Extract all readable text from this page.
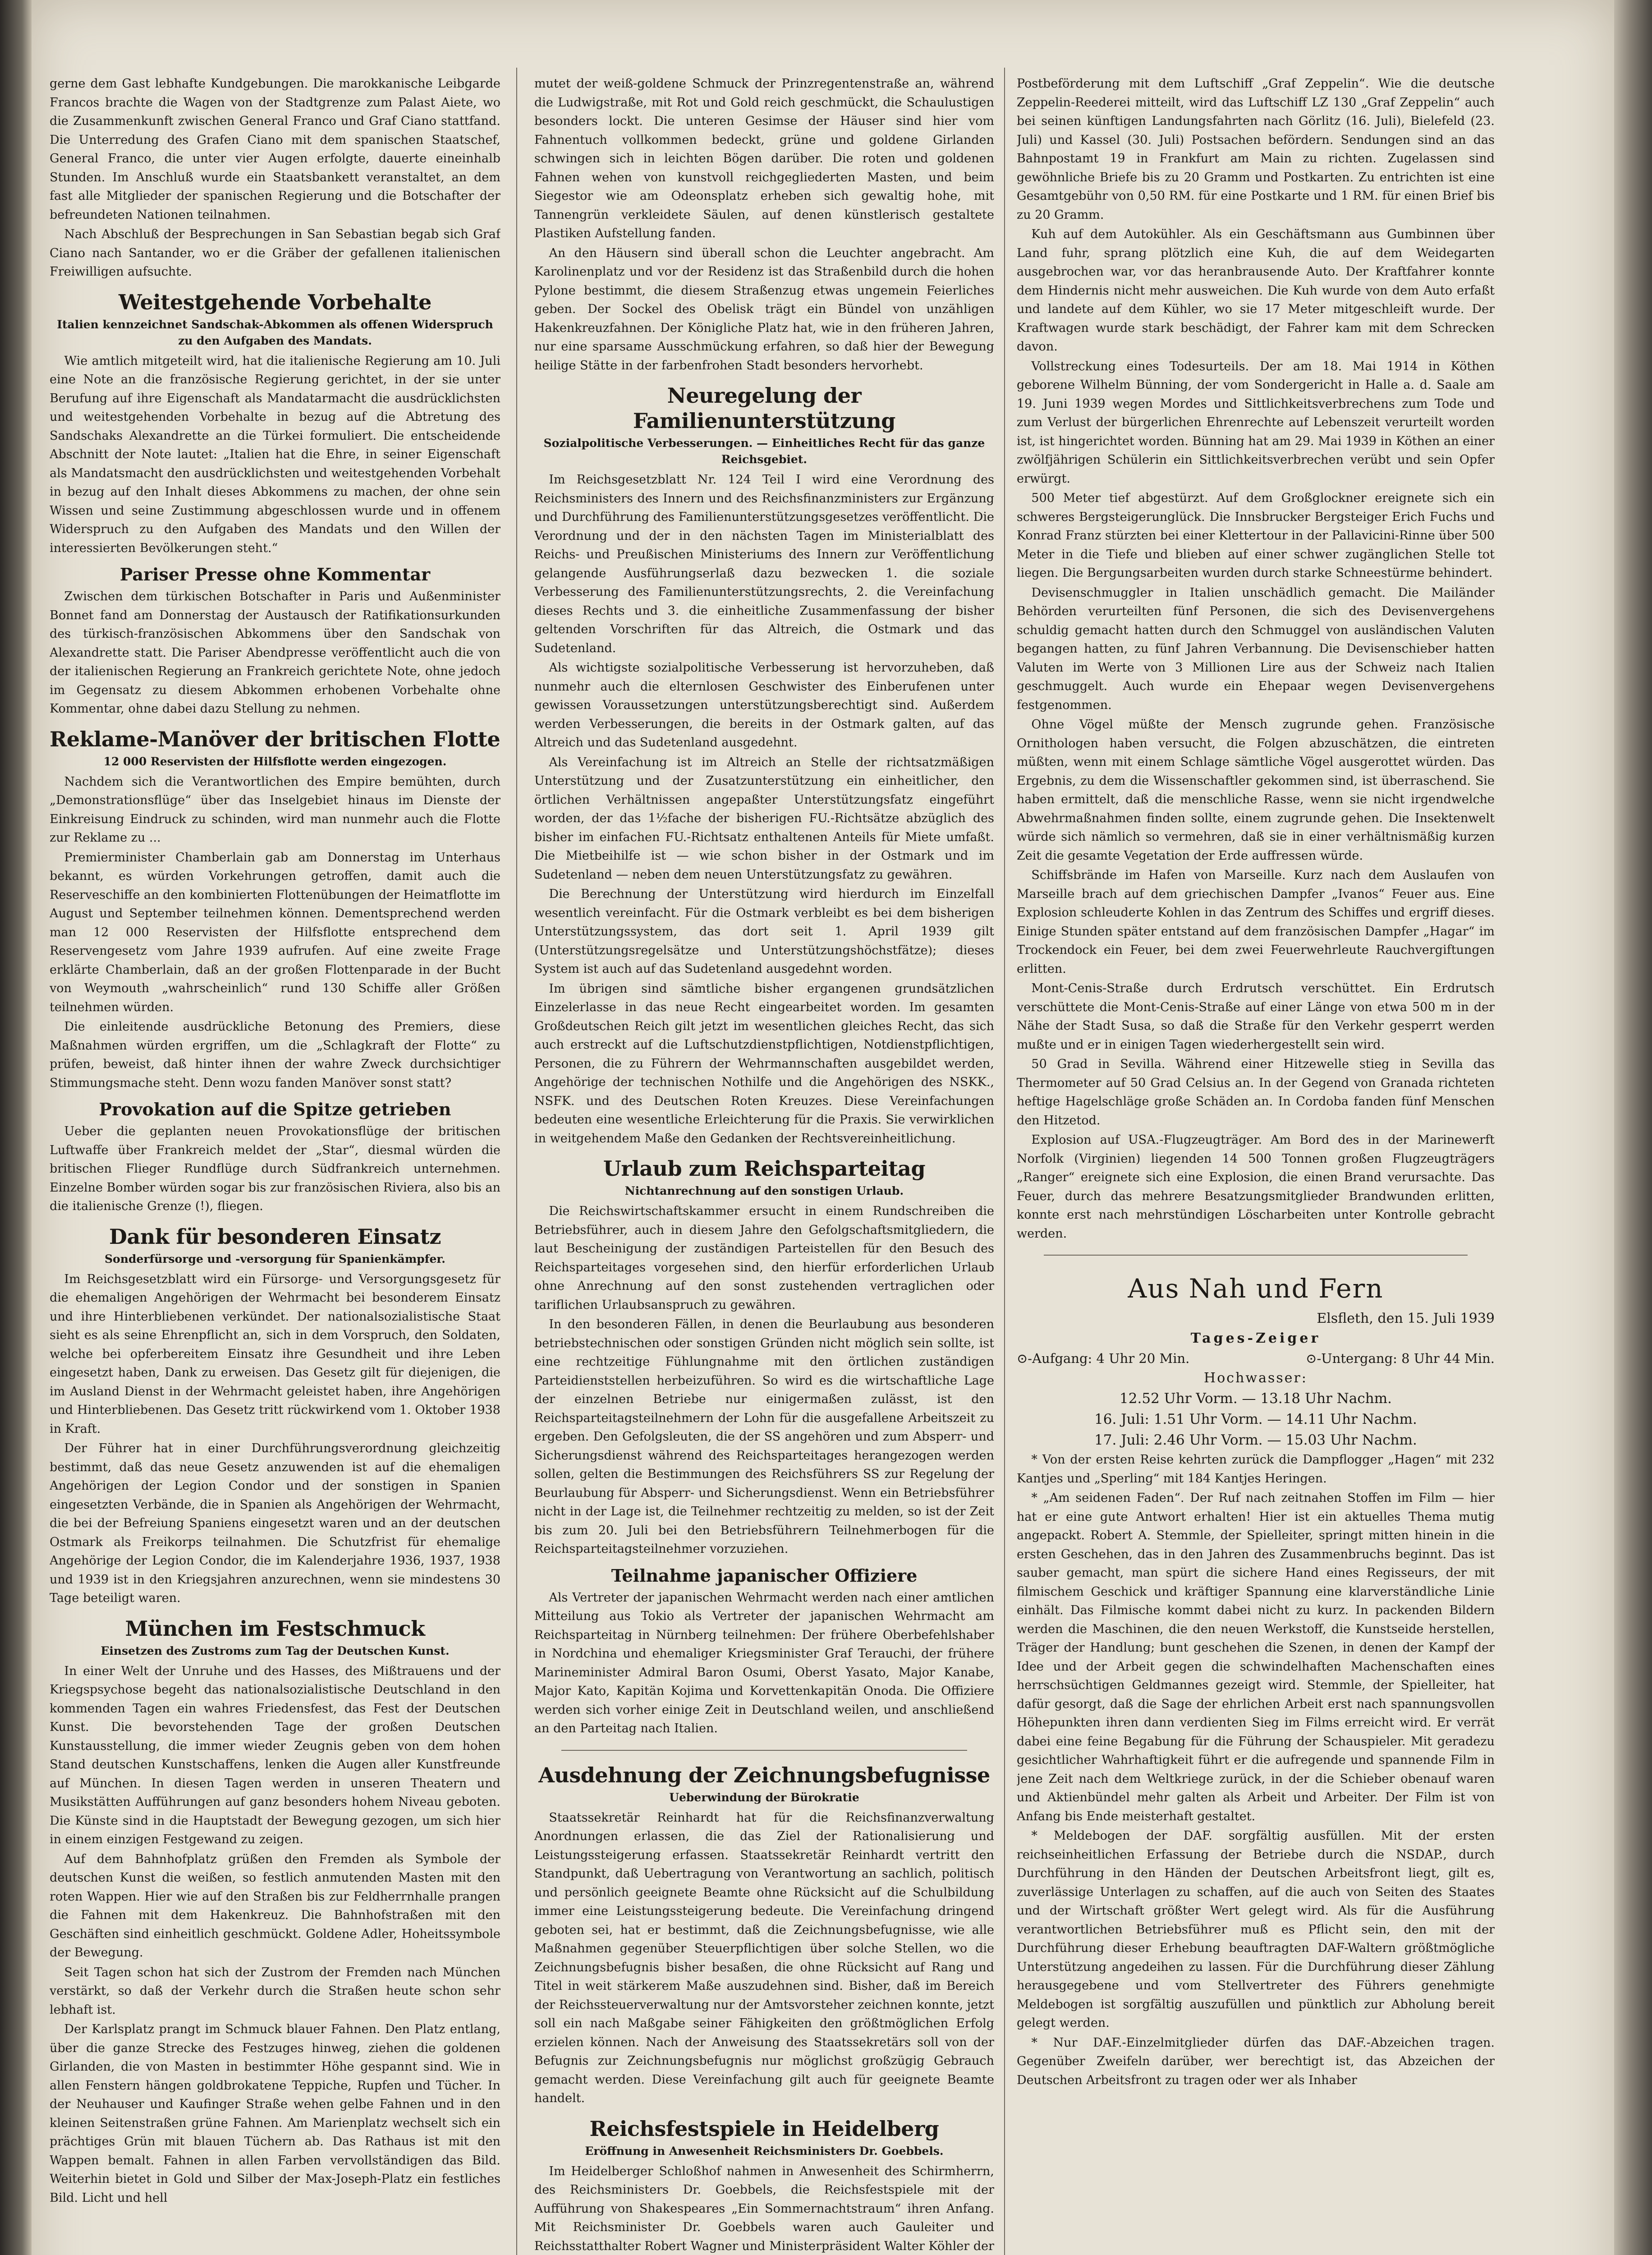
gerne dem Gast lebhafte Kundgebungen. Die marokkanische Leibgarde Francos brachte die Wagen von der Stadtgrenze zum Palast Aiete, wo die Zusammenkunft zwischen General Franco und Graf Ciano stattfand. Die Unterredung des Grafen Ciano mit dem spanischen Staatschef, General Franco, die unter vier Augen erfolgte, dauerte eineinhalb Stunden. Im Anschluß wurde ein Staatsbankett veranstaltet, an dem fast alle Mitglieder der spanischen Regierung und die Botschafter der befreundeten Nationen teilnahmen.

Nach Abschluß der Besprechungen in San Sebastian begab sich Graf Ciano nach Santander, wo er die Gräber der gefallenen italienischen Freiwilligen aufsuchte.

Weitestgehende Vorbehalte
Italien kennzeichnet Sandschak-Abkommen als offenen Widerspruch zu den Aufgaben des Mandats.

Wie amtlich mitgeteilt wird, hat die italienische Regierung am 10. Juli eine Note an die französische Regierung gerichtet, in der sie unter Berufung auf ihre Eigenschaft als Mandatarmacht die ausdrücklichsten und weitestgehenden Vorbehalte in bezug auf die Abtretung des Sandschaks Alexandrette an die Türkei formuliert. Die entscheidende Abschnitt der Note lautet: „Italien hat die Ehre, in seiner Eigenschaft als Mandatsmacht den ausdrücklichsten und weitestgehenden Vorbehalt in bezug auf den Inhalt dieses Abkommens zu machen, der ohne sein Wissen und seine Zustimmung abgeschlossen wurde und in offenem Widerspruch zu den Aufgaben des Mandats und den Willen der interessierten Bevölkerungen steht.“

Pariser Presse ohne Kommentar

Zwischen dem türkischen Botschafter in Paris und Außenminister Bonnet fand am Donnerstag der Austausch der Ratifikationsurkunden des türkisch-französischen Abkommens über den Sandschak von Alexandrette statt. Die Pariser Abendpresse veröffentlicht auch die von der italienischen Regierung an Frankreich gerichtete Note, ohne jedoch im Gegensatz zu diesem Abkommen erhobenen Vorbehalte ohne Kommentar, ohne dabei dazu Stellung zu nehmen.

Reklame-Manöver der britischen Flotte
12 000 Reservisten der Hilfsflotte werden eingezogen.

Nachdem sich die Verantwortlichen des Empire bemühten, durch „Demonstrationsflüge“ über das Inselgebiet hinaus im Dienste der Einkreisung Eindruck zu schinden, wird man nunmehr auch die Flotte zur Reklame zu ...

Premierminister Chamberlain gab am Donnerstag im Unterhaus bekannt, es würden Vorkehrungen getroffen, damit auch die Reserveschiffe an den kombinierten Flottenübungen der Heimatflotte im August und September teilnehmen können. Dementsprechend werden man 12 000 Reservisten der Hilfsflotte entsprechend dem Reservengesetz vom Jahre 1939 aufrufen. Auf eine zweite Frage erklärte Chamberlain, daß an der großen Flottenparade in der Bucht von Weymouth „wahrscheinlich“ rund 130 Schiffe aller Größen teilnehmen würden.

Die einleitende ausdrückliche Betonung des Premiers, diese Maßnahmen würden ergriffen, um die „Schlagkraft der Flotte“ zu prüfen, beweist, daß hinter ihnen der wahre Zweck durchsichtiger Stimmungsmache steht. Denn wozu fanden Manöver sonst statt?

Provokation auf die Spitze getrieben

Ueber die geplanten neuen Provokationsflüge der britischen Luftwaffe über Frankreich meldet der „Star“, diesmal würden die britischen Flieger Rundflüge durch Südfrankreich unternehmen. Einzelne Bomber würden sogar bis zur französischen Riviera, also bis an die italienische Grenze (!), fliegen.

Dank für besonderen Einsatz
Sonderfürsorge und -versorgung für Spanienkämpfer.

Im Reichsgesetzblatt wird ein Fürsorge- und Versorgungsgesetz für die ehemaligen Angehörigen der Wehrmacht bei besonderem Einsatz und ihre Hinterbliebenen verkündet. Der nationalsozialistische Staat sieht es als seine Ehrenpflicht an, sich in dem Vorspruch, den Soldaten, welche bei opferbereitem Einsatz ihre Gesundheit und ihre Leben eingesetzt haben, Dank zu erweisen. Das Gesetz gilt für diejenigen, die im Ausland Dienst in der Wehrmacht geleistet haben, ihre Angehörigen und Hinterbliebenen. Das Gesetz tritt rückwirkend vom 1. Oktober 1938 in Kraft.

Der Führer hat in einer Durchführungsverordnung gleichzeitig bestimmt, daß das neue Gesetz anzuwenden ist auf die ehemaligen Angehörigen der Legion Condor und der sonstigen in Spanien eingesetzten Verbände, die in Spanien als Angehörigen der Wehrmacht, die bei der Befreiung Spaniens eingesetzt waren und an der deutschen Ostmark als Freikorps teilnahmen. Die Schutzfrist für ehemalige Angehörige der Legion Condor, die im Kalenderjahre 1936, 1937, 1938 und 1939 ist in den Kriegsjahren anzurechnen, wenn sie mindestens 30 Tage beteiligt waren.

München im Festschmuck
Einsetzen des Zustroms zum Tag der Deutschen Kunst.

In einer Welt der Unruhe und des Hasses, des Mißtrauens und der Kriegspsychose begeht das nationalsozialistische Deutschland in den kommenden Tagen ein wahres Friedensfest, das Fest der Deutschen Kunst. Die bevorstehenden Tage der großen Deutschen Kunstausstellung, die immer wieder Zeugnis geben von dem hohen Stand deutschen Kunstschaffens, lenken die Augen aller Kunstfreunde auf München. In diesen Tagen werden in unseren Theatern und Musikstätten Aufführungen auf ganz besonders hohem Niveau geboten. Die Künste sind in die Hauptstadt der Bewegung gezogen, um sich hier in einem einzigen Festgewand zu zeigen.

Auf dem Bahnhofplatz grüßen den Fremden als Symbole der deutschen Kunst die weißen, so festlich anmutenden Masten mit den roten Wappen. Hier wie auf den Straßen bis zur Feldherrnhalle prangen die Fahnen mit dem Hakenkreuz. Die Bahnhofstraßen mit den Geschäften sind einheitlich geschmückt. Goldene Adler, Hoheitssymbole der Bewegung.

Seit Tagen schon hat sich der Zustrom der Fremden nach München verstärkt, so daß der Verkehr durch die Straßen heute schon sehr lebhaft ist.

Der Karlsplatz prangt im Schmuck blauer Fahnen. Den Platz entlang, über die ganze Strecke des Festzuges hinweg, ziehen die goldenen Girlanden, die von Masten in bestimmter Höhe gespannt sind. Wie in allen Fenstern hängen goldbrokatene Teppiche, Rupfen und Tücher. In der Neuhauser und Kaufinger Straße wehen gelbe Fahnen und in den kleinen Seitenstraßen grüne Fahnen. Am Marienplatz wechselt sich ein prächtiges Grün mit blauen Tüchern ab. Das Rathaus ist mit den Wappen bemalt. Fahnen in allen Farben vervollständigen das Bild. Weiterhin bietet in Gold und Silber der Max-Joseph-Platz ein festliches Bild. Licht und hell

mutet der weiß-goldene Schmuck der Prinzregentenstraße an, während die Ludwigstraße, mit Rot und Gold reich geschmückt, die Schaulustigen besonders lockt. Die unteren Gesimse der Häuser sind hier vom Fahnentuch vollkommen bedeckt, grüne und goldene Girlanden schwingen sich in leichten Bögen darüber. Die roten und goldenen Fahnen wehen von kunstvoll reichgegliederten Masten, und beim Siegestor wie am Odeonsplatz erheben sich gewaltig hohe, mit Tannengrün verkleidete Säulen, auf denen künstlerisch gestaltete Plastiken Aufstellung fanden.

An den Häusern sind überall schon die Leuchter angebracht. Am Karolinenplatz und vor der Residenz ist das Straßenbild durch die hohen Pylone bestimmt, die diesem Straßenzug etwas ungemein Feierliches geben. Der Sockel des Obelisk trägt ein Bündel von unzähligen Hakenkreuzfahnen. Der Königliche Platz hat, wie in den früheren Jahren, nur eine sparsame Ausschmückung erfahren, so daß hier der Bewegung heilige Stätte in der farbenfrohen Stadt besonders hervorhebt.

Neuregelung der Familienunterstützung
Sozialpolitische Verbesserungen. — Einheitliches Recht für das ganze Reichsgebiet.

Im Reichsgesetzblatt Nr. 124 Teil I wird eine Verordnung des Reichsministers des Innern und des Reichsfinanzministers zur Ergänzung und Durchführung des Familienunterstützungsgesetzes veröffentlicht. Die Verordnung und der in den nächsten Tagen im Ministerialblatt des Reichs- und Preußischen Ministeriums des Innern zur Veröffentlichung gelangende Ausführungserlaß dazu bezwecken 1. die soziale Verbesserung des Familienunterstützungsrechts, 2. die Vereinfachung dieses Rechts und 3. die einheitliche Zusammenfassung der bisher geltenden Vorschriften für das Altreich, die Ostmark und das Sudetenland.

Als wichtigste sozialpolitische Verbesserung ist hervorzuheben, daß nunmehr auch die elternlosen Geschwister des Einberufenen unter gewissen Voraussetzungen unterstützungsberechtigt sind. Außerdem werden Verbesserungen, die bereits in der Ostmark galten, auf das Altreich und das Sudetenland ausgedehnt.

Als Vereinfachung ist im Altreich an Stelle der richtsatzmäßigen Unterstützung und der Zusatzunterstützung ein einheitlicher, den örtlichen Verhältnissen angepaßter Unterstützungsfatz eingeführt worden, der das 1½fache der bisherigen FU.-Richtsätze abzüglich des bisher im einfachen FU.-Richtsatz enthaltenen Anteils für Miete umfaßt. Die Mietbeihilfe ist — wie schon bisher in der Ostmark und im Sudetenland — neben dem neuen Unterstützungsfatz zu gewähren.

Die Berechnung der Unterstützung wird hierdurch im Einzelfall wesentlich vereinfacht. Für die Ostmark verbleibt es bei dem bisherigen Unterstützungssystem, das dort seit 1. April 1939 gilt (Unterstützungsregelsätze und Unterstützungshöchstfätze); dieses System ist auch auf das Sudetenland ausgedehnt worden.

Im übrigen sind sämtliche bisher ergangenen grundsätzlichen Einzelerlasse in das neue Recht eingearbeitet worden. Im gesamten Großdeutschen Reich gilt jetzt im wesentlichen gleiches Recht, das sich auch erstreckt auf die Luftschutzdienstpflichtigen, Notdienstpflichtigen, Personen, die zu Führern der Wehrmannschaften ausgebildet werden, Angehörige der technischen Nothilfe und die Angehörigen des NSKK., NSFK. und des Deutschen Roten Kreuzes. Diese Vereinfachungen bedeuten eine wesentliche Erleichterung für die Praxis. Sie verwirklichen in weitgehendem Maße den Gedanken der Rechtsvereinheitlichung.

Urlaub zum Reichsparteitag
Nichtanrechnung auf den sonstigen Urlaub.

Die Reichswirtschaftskammer ersucht in einem Rundschreiben die Betriebsführer, auch in diesem Jahre den Gefolgschaftsmitgliedern, die laut Bescheinigung der zuständigen Parteistellen für den Besuch des Reichsparteitages vorgesehen sind, den hierfür erforderlichen Urlaub ohne Anrechnung auf den sonst zustehenden vertraglichen oder tariflichen Urlaubsanspruch zu gewähren.

In den besonderen Fällen, in denen die Beurlaubung aus besonderen betriebstechnischen oder sonstigen Gründen nicht möglich sein sollte, ist eine rechtzeitige Fühlungnahme mit den örtlichen zuständigen Parteidienststellen herbeizuführen. So wird es die wirtschaftliche Lage der einzelnen Betriebe nur einigermaßen zulässt, ist den Reichsparteitagsteilnehmern der Lohn für die ausgefallene Arbeitszeit zu ergeben. Den Gefolgsleuten, die der SS angehören und zum Absperr- und Sicherungsdienst während des Reichsparteitages herangezogen werden sollen, gelten die Bestimmungen des Reichsführers SS zur Regelung der Beurlaubung für Absperr- und Sicherungsdienst. Wenn ein Betriebsführer nicht in der Lage ist, die Teilnehmer rechtzeitig zu melden, so ist der Zeit bis zum 20. Juli bei den Betriebsführern Teilnehmerbogen für die Reichsparteitagsteilnehmer vorzuziehen.

Teilnahme japanischer Offiziere

Als Vertreter der japanischen Wehrmacht werden nach einer amtlichen Mitteilung aus Tokio als Vertreter der japanischen Wehrmacht am Reichsparteitag in Nürnberg teilnehmen: Der frühere Oberbefehlshaber in Nordchina und ehemaliger Kriegsminister Graf Terauchi, der frühere Marineminister Admiral Baron Osumi, Oberst Yasato, Major Kanabe, Major Kato, Kapitän Kojima und Korvettenkapitän Onoda. Die Offiziere werden sich vorher einige Zeit in Deutschland weilen, und anschließend an den Parteitag nach Italien.

Ausdehnung der Zeichnungsbefugnisse
Ueberwindung der Bürokratie

Staatssekretär Reinhardt hat für die Reichsfinanzverwaltung Anordnungen erlassen, die das Ziel der Rationalisierung und Leistungssteigerung erfassen. Staatssekretär Reinhardt vertritt den Standpunkt, daß Uebertragung von Verantwortung an sachlich, politisch und persönlich geeignete Beamte ohne Rücksicht auf die Schulbildung immer eine Leistungssteigerung bedeute. Die Vereinfachung dringend geboten sei, hat er bestimmt, daß die Zeichnungsbefugnisse, wie alle Maßnahmen gegenüber Steuerpflichtigen über solche Stellen, wo die Zeichnungsbefugnis bisher besaßen, die ohne Rücksicht auf Rang und Titel in weit stärkerem Maße auszudehnen sind. Bisher, daß im Bereich der Reichssteuerverwaltung nur der Amtsvorsteher zeichnen konnte, jetzt soll ein nach Maßgabe seiner Fähigkeiten den größtmöglichen Erfolg erzielen können. Nach der Anweisung des Staatssekretärs soll von der Befugnis zur Zeichnungsbefugnis nur möglichst großzügig Gebrauch gemacht werden. Diese Vereinfachung gilt auch für geeignete Beamte handelt.

Reichsfestspiele in Heidelberg
Eröffnung in Anwesenheit Reichsministers Dr. Goebbels.

Im Heidelberger Schloßhof nahmen in Anwesenheit des Schirmherrn, des Reichsministers Dr. Goebbels, die Reichsfestspiele mit der Aufführung von Shakespeares „Ein Sommernachtstraum“ ihren Anfang. Mit Reichsminister Dr. Goebbels waren auch Gauleiter und Reichsstatthalter Robert Wagner und Ministerpräsident Walter Köhler der

Postbeförderung mit dem Luftschiff „Graf Zeppelin“. Wie die deutsche Zeppelin-Reederei mitteilt, wird das Luftschiff LZ 130 „Graf Zeppelin“ auch bei seinen künftigen Landungsfahrten nach Görlitz (16. Juli), Bielefeld (23. Juli) und Kassel (30. Juli) Postsachen befördern. Sendungen sind an das Bahnpostamt 19 in Frankfurt am Main zu richten. Zugelassen sind gewöhnliche Briefe bis zu 20 Gramm und Postkarten. Zu entrichten ist eine Gesamtgebühr von 0,50 RM. für eine Postkarte und 1 RM. für einen Brief bis zu 20 Gramm.

Kuh auf dem Autokühler. Als ein Geschäftsmann aus Gumbinnen über Land fuhr, sprang plötzlich eine Kuh, die auf dem Weidegarten ausgebrochen war, vor das heranbrausende Auto. Der Kraftfahrer konnte dem Hindernis nicht mehr ausweichen. Die Kuh wurde von dem Auto erfaßt und landete auf dem Kühler, wo sie 17 Meter mitgeschleift wurde. Der Kraftwagen wurde stark beschädigt, der Fahrer kam mit dem Schrecken davon.

Vollstreckung eines Todesurteils. Der am 18. Mai 1914 in Köthen geborene Wilhelm Bünning, der vom Sondergericht in Halle a. d. Saale am 19. Juni 1939 wegen Mordes und Sittlichkeitsverbrechens zum Tode und zum Verlust der bürgerlichen Ehrenrechte auf Lebenszeit verurteilt worden ist, ist hingerichtet worden. Bünning hat am 29. Mai 1939 in Köthen an einer zwölfjährigen Schülerin ein Sittlichkeitsverbrechen verübt und sein Opfer erwürgt.

500 Meter tief abgestürzt. Auf dem Großglockner ereignete sich ein schweres Bergsteigerunglück. Die Innsbrucker Bergsteiger Erich Fuchs und Konrad Franz stürzten bei einer Klettertour in der Pallavicini-Rinne über 500 Meter in die Tiefe und blieben auf einer schwer zugänglichen Stelle tot liegen. Die Bergungsarbeiten wurden durch starke Schneestürme behindert.

Devisenschmuggler in Italien unschädlich gemacht. Die Mailänder Behörden verurteilten fünf Personen, die sich des Devisenvergehens schuldig gemacht hatten durch den Schmuggel von ausländischen Valuten begangen hatten, zu fünf Jahren Verbannung. Die Devisenschieber hatten Valuten im Werte von 3 Millionen Lire aus der Schweiz nach Italien geschmuggelt. Auch wurde ein Ehepaar wegen Devisenvergehens festgenommen.

Ohne Vögel müßte der Mensch zugrunde gehen. Französische Ornithologen haben versucht, die Folgen abzuschätzen, die eintreten müßten, wenn mit einem Schlage sämtliche Vögel ausgerottet würden. Das Ergebnis, zu dem die Wissenschaftler gekommen sind, ist überraschend. Sie haben ermittelt, daß die menschliche Rasse, wenn sie nicht irgendwelche Abwehrmaßnahmen finden sollte, einem zugrunde gehen. Die Insektenwelt würde sich nämlich so vermehren, daß sie in einer verhältnismäßig kurzen Zeit die gesamte Vegetation der Erde auffressen würde.

Schiffsbrände im Hafen von Marseille. Kurz nach dem Auslaufen von Marseille brach auf dem griechischen Dampfer „Ivanos“ Feuer aus. Eine Explosion schleuderte Kohlen in das Zentrum des Schiffes und ergriff dieses. Einige Stunden später entstand auf dem französischen Dampfer „Hagar“ im Trockendock ein Feuer, bei dem zwei Feuerwehrleute Rauchvergiftungen erlitten.

Mont-Cenis-Straße durch Erdrutsch verschüttet. Ein Erdrutsch verschüttete die Mont-Cenis-Straße auf einer Länge von etwa 500 m in der Nähe der Stadt Susa, so daß die Straße für den Verkehr gesperrt werden mußte und er in einigen Tagen wiederhergestellt sein wird.

50 Grad in Sevilla. Während einer Hitzewelle stieg in Sevilla das Thermometer auf 50 Grad Celsius an. In der Gegend von Granada richteten heftige Hagelschläge große Schäden an. In Cordoba fanden fünf Menschen den Hitzetod.

Explosion auf USA.-Flugzeugträger. Am Bord des in der Marinewerft Norfolk (Virginien) liegenden 14 500 Tonnen großen Flugzeugträgers „Ranger“ ereignete sich eine Explosion, die einen Brand verursachte. Das Feuer, durch das mehrere Besatzungsmitglieder Brandwunden erlitten, konnte erst nach mehrstündigen Löscharbeiten unter Kontrolle gebracht werden.

Aus Nah und Fern
Elsfleth, den 15. Juli 1939
Tages-Zeiger
⊙-Aufgang: 4 Uhr 20 Min.	⊙-Untergang: 8 Uhr 44 Min.
Hochwasser:
12.52 Uhr Vorm. — 13.18 Uhr Nachm.
16. Juli: 1.51 Uhr Vorm. — 14.11 Uhr Nachm.
17. Juli: 2.46 Uhr Vorm. — 15.03 Uhr Nachm.

* Von der ersten Reise kehrten zurück die Dampflogger „Hagen“ mit 232 Kantjes und „Sperling“ mit 184 Kantjes Heringen.

* „Am seidenen Faden“. Der Ruf nach zeitnahen Stoffen im Film — hier hat er eine gute Antwort erhalten! Hier ist ein aktuelles Thema mutig angepackt. Robert A. Stemmle, der Spielleiter, springt mitten hinein in die ersten Geschehen, das in den Jahren des Zusammenbruchs beginnt. Das ist sauber gemacht, man spürt die sichere Hand eines Regisseurs, der mit filmischem Geschick und kräftiger Spannung eine klarverständliche Linie einhält. Das Filmische kommt dabei nicht zu kurz. In packenden Bildern werden die Maschinen, die den neuen Werkstoff, die Kunstseide herstellen, Träger der Handlung; bunt geschehen die Szenen, in denen der Kampf der Idee und der Arbeit gegen die schwindelhaften Machenschaften eines herrschsüchtigen Geldmannes gezeigt wird. Stemmle, der Spielleiter, hat dafür gesorgt, daß die Sage der ehrlichen Arbeit erst nach spannungsvollen Höhepunkten ihren dann verdienten Sieg im Films erreicht wird. Er verrät dabei eine feine Begabung für die Führung der Schauspieler. Mit geradezu gesichtlicher Wahrhaftigkeit führt er die aufregende und spannende Film in jene Zeit nach dem Weltkriege zurück, in der die Schieber obenauf waren und Aktienbündel mehr galten als Arbeit und Arbeiter. Der Film ist von Anfang bis Ende meisterhaft gestaltet.

* Meldebogen der DAF. sorgfältig ausfüllen. Mit der ersten reichseinheitlichen Erfassung der Betriebe durch die NSDAP., durch Durchführung in den Händen der Deutschen Arbeitsfront liegt, gilt es, zuverlässige Unterlagen zu schaffen, auf die auch von Seiten des Staates und der Wirtschaft größter Wert gelegt wird. Als für die Ausführung verantwortlichen Betriebsführer muß es Pflicht sein, den mit der Durchführung dieser Erhebung beauftragten DAF-Waltern größtmögliche Unterstützung angedeihen zu lassen. Für die Durchführung dieser Zählung herausgegebene und vom Stellvertreter des Führers genehmigte Meldebogen ist sorgfältig auszufüllen und pünktlich zur Abholung bereit gelegt werden.

* Nur DAF.-Einzelmitglieder dürfen das DAF.-Abzeichen tragen. Gegenüber Zweifeln darüber, wer berechtigt ist, das Abzeichen der Deutschen Arbeitsfront zu tragen oder wer als Inhaber
